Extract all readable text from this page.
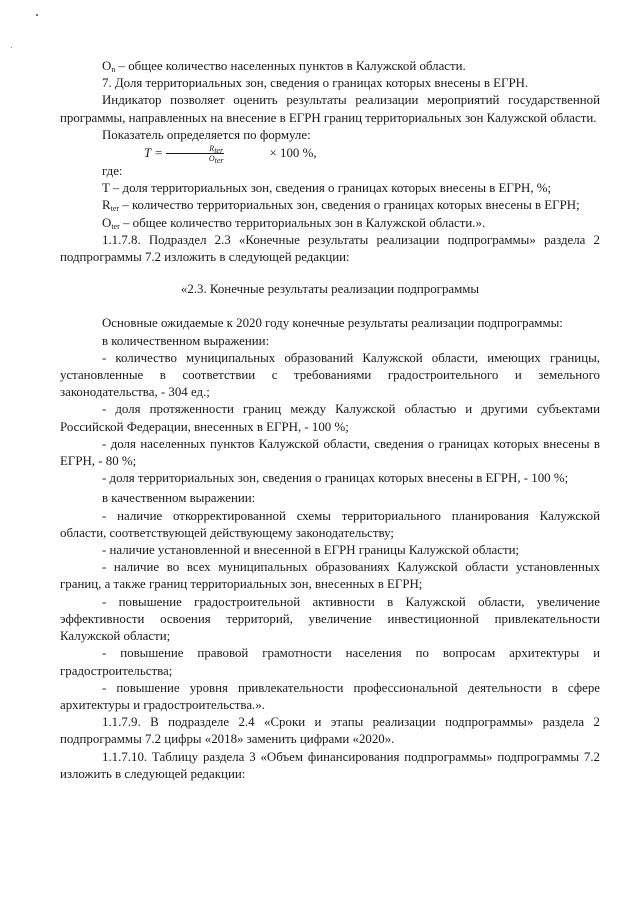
$O_n$ – общее количество населенных пунктов в Калужской области.

7. Доля территориальных зон, сведения о границах которых внесены в ЕГРН.

Индикатор позволяет оценить результаты реализации мероприятий государственной программы, направленных на внесение в ЕГРН границ территориальных зон Калужской области.

Показатель определяется по формуле:

$T = \frac{R_{ter}}{O_{ter}}$	× 100 %,

где:

T – доля территориальных зон, сведения о границах которых внесены в ЕГРН, %;

$R_{ter}$ – количество территориальных зон, сведения о границах которых внесены в ЕГРН;

$O_{ter}$ – общее количество территориальных зон в Калужской области.».

1.1.7.8. Подраздел 2.3 «Конечные результаты реализации подпрограммы» раздела 2 подпрограммы 7.2 изложить в следующей редакции:

«2.3. Конечные результаты реализации подпрограммы

Основные ожидаемые к 2020 году конечные результаты реализации подпрограммы:

в количественном выражении:

- количество муниципальных образований Калужской области, имеющих границы, установленные в соответствии с требованиями градостроительного и земельного законодательства, - 304 ед.;

- доля протяженности границ между Калужской областью и другими субъектами Российской Федерации, внесенных в ЕГРН, - 100 %;

- доля населенных пунктов Калужской области, сведения о границах которых внесены в ЕГРН, - 80 %;

- доля территориальных зон, сведения о границах которых внесены в ЕГРН, - 100 %;

в качественном выражении:

- наличие откорректированной схемы территориального планирования Калужской области, соответствующей действующему законодательству;

- наличие установленной и внесенной в ЕГРН границы Калужской области;

- наличие во всех муниципальных образованиях Калужской области установленных границ, а также границ территориальных зон, внесенных в ЕГРН;

- повышение градостроительной активности в Калужской области, увеличение эффективности освоения территорий, увеличение инвестиционной привлекательности Калужской области;

- повышение правовой грамотности населения по вопросам архитектуры и градостроительства;

- повышение уровня привлекательности профессиональной деятельности в сфере архитектуры и градостроительства.».

1.1.7.9. В подразделе 2.4 «Сроки и этапы реализации подпрограммы» раздела 2 подпрограммы 7.2 цифры «2018» заменить цифрами «2020».

1.1.7.10. Таблицу раздела 3 «Объем финансирования подпрограммы» подпрограммы 7.2 изложить в следующей редакции:
